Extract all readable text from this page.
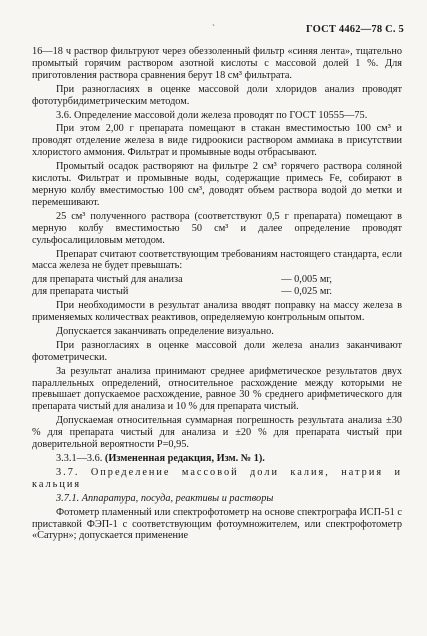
ˋ	ГОСТ 4462—78 С. 5

16—18 ч раствор фильтруют через обеззоленный фильтр «синяя лента», тщательно промытый горячим раствором азотной кислоты с массовой долей 1 %. Для приготовления раствора сравнения берут 18 см³ фильтрата.

При разногласиях в оценке массовой доли хлоридов анализ проводят фототурбидиметрическим методом.

3.6. Определение массовой доли железа проводят по ГОСТ 10555—75.

При этом 2,00 г препарата помещают в стакан вместимостью 100 см³ и проводят отделение железа в виде гидроокиси раствором аммиака в присутствии хлористого аммония. Фильтрат и промывные воды отбрасывают.

Промытый осадок растворяют на фильтре 2 см³ горячего раствора соляной кислоты. Фильтрат и промывные воды, содержащие примесь Fe, собирают в мерную колбу вместимостью 100 см³, доводят объем раствора водой до метки и перемешивают.

25 см³ полученного раствора (соответствуют 0,5 г препарата) помещают в мерную колбу вместимостью 50 см³ и далее определение проводят сульфосалициловым методом.

Препарат считают соответствующим требованиям настоящего стандарта, если масса железа не будет превышать:

для препарата чистый для анализа	— 0,005 мг,
для препарата чистый	— 0,025 мг.

При необходимости в результат анализа вводят поправку на массу железа в применяемых количествах реактивов, определяемую контрольным опытом.

Допускается заканчивать определение визуально.

При разногласиях в оценке массовой доли железа анализ заканчивают фотометрически.

За результат анализа принимают среднее арифметическое результатов двух параллельных определений, относительное расхождение между которыми не превышает допускаемое расхождение, равное 30 % среднего арифметического для препарата чистый для анализа и 10 % для препарата чистый.

Допускаемая относительная суммарная погрешность результата анализа ±30 % для препарата чистый для анализа и ±20 % для препарата чистый при доверительной вероятности P=0,95.

3.3.1—3.6. (Измененная редакция, Изм. № 1).

3.7. Определение массовой доли калия, натрия и кальция

3.7.1. Аппаратура, посуда, реактивы и растворы

Фотометр пламенный или спектрофотометр на основе спектрографа ИСП-51 с приставкой ФЭП-1 с соответствующим фотоумножителем, или спектрофотометр «Сатурн»; допускается применение
